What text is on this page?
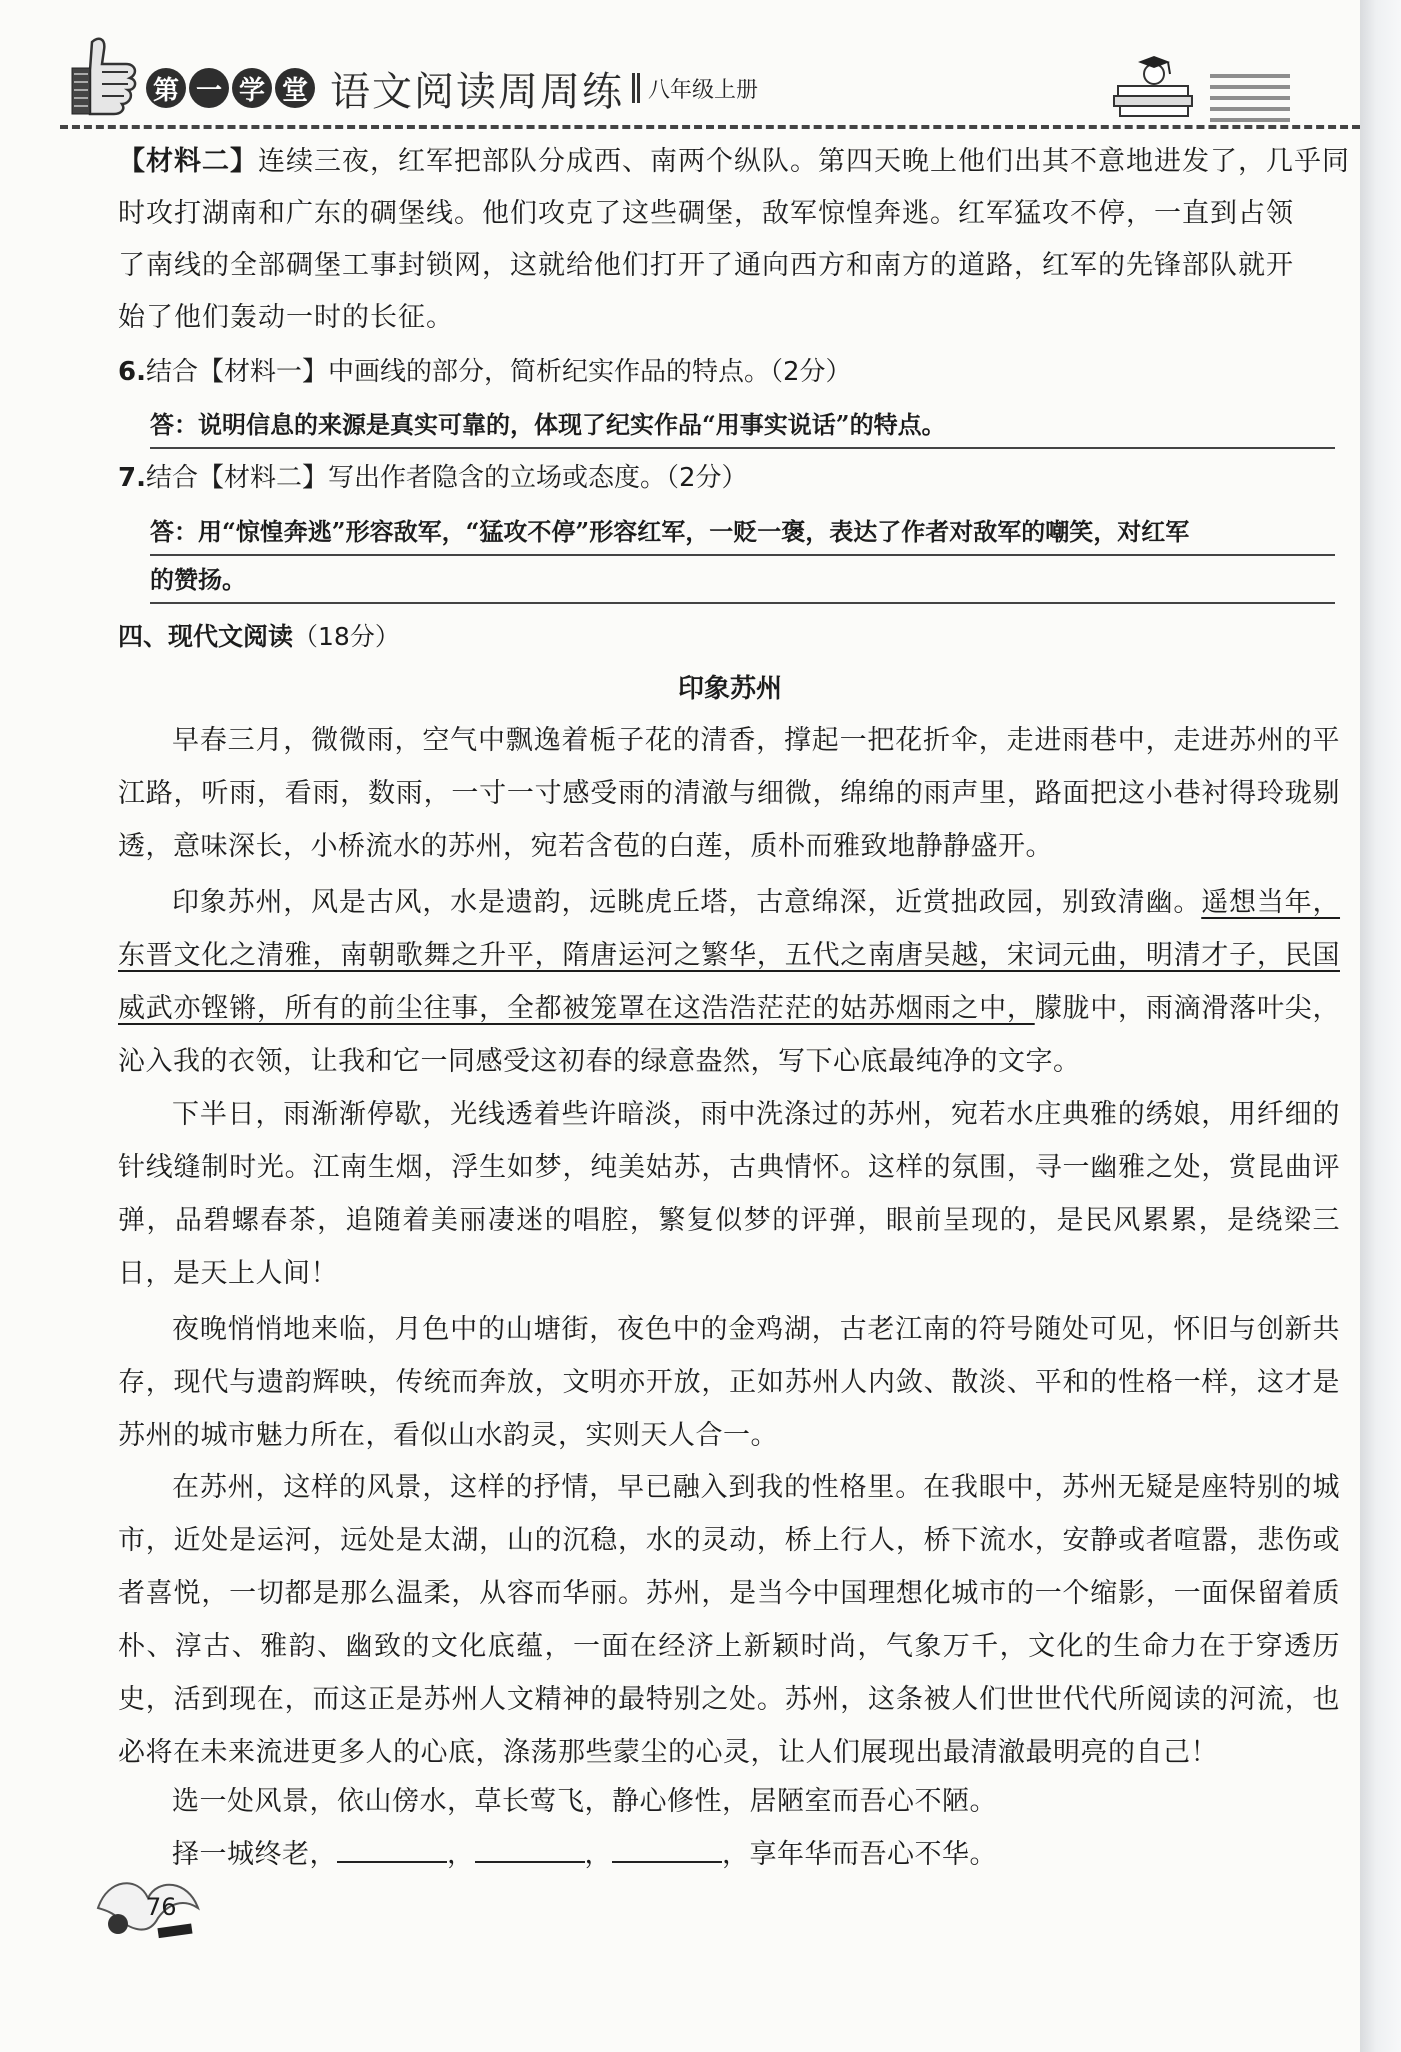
第 一 学 堂 语文阅读周周练 八年级上册
【材料二】连续三夜，红军把部队分成西、南两个纵队。第四天晚上他们出其不意地进发了，几乎同
时攻打湖南和广东的碉堡线。他们攻克了这些碉堡，敌军惊惶奔逃。红军猛攻不停，一直到占领
了南线的全部碉堡工事封锁网，这就给他们打开了通向西方和南方的道路，红军的先锋部队就开
始了他们轰动一时的长征。
6.结合【材料一】中画线的部分，简析纪实作品的特点。（2分）
答：说明信息的来源是真实可靠的，体现了纪实作品“用事实说话”的特点。
7.结合【材料二】写出作者隐含的立场或态度。（2分）
答：用“惊惶奔逃”形容敌军，“猛攻不停”形容红军，一贬一褒，表达了作者对敌军的嘲笑，对红军
的赞扬。
四、现代文阅读（18分）
印象苏州
早春三月，微微雨，空气中飘逸着栀子花的清香，撑起一把花折伞，走进雨巷中，走进苏州的平江路，听雨，看雨，数雨，一寸一寸感受雨的清澈与细微，绵绵的雨声里，路面把这小巷衬得玲珑剔透，意味深长，小桥流水的苏州，宛若含苞的白莲，质朴而雅致地静静盛开。
印象苏州，风是古风，水是遗韵，远眺虎丘塔，古意绵深，近赏拙政园，别致清幽。遥想当年，东晋文化之清雅，南朝歌舞之升平，隋唐运河之繁华，五代之南唐吴越，宋词元曲，明清才子，民国威武亦铿锵，所有的前尘往事，全都被笼罩在这浩浩茫茫的姑苏烟雨之中，朦胧中，雨滴滑落叶尖，沁入我的衣领，让我和它一同感受这初春的绿意盎然，写下心底最纯净的文字。
下半日，雨渐渐停歇，光线透着些许暗淡，雨中洗涤过的苏州，宛若水庄典雅的绣娘，用纤细的针线缝制时光。江南生烟，浮生如梦，纯美姑苏，古典情怀。这样的氛围，寻一幽雅之处，赏昆曲评弹，品碧螺春茶，追随着美丽凄迷的唱腔，繁复似梦的评弹，眼前呈现的，是民风累累，是绕梁三日，是天上人间！
夜晚悄悄地来临，月色中的山塘街，夜色中的金鸡湖，古老江南的符号随处可见，怀旧与创新共存，现代与遗韵辉映，传统而奔放，文明亦开放，正如苏州人内敛、散淡、平和的性格一样，这才是苏州的城市魅力所在，看似山水韵灵，实则天人合一。
在苏州，这样的风景，这样的抒情，早已融入到我的性格里。在我眼中，苏州无疑是座特别的城市，近处是运河，远处是太湖，山的沉稳，水的灵动，桥上行人，桥下流水，安静或者喧嚣，悲伤或者喜悦，一切都是那么温柔，从容而华丽。苏州，是当今中国理想化城市的一个缩影，一面保留着质朴、淳古、雅韵、幽致的文化底蕴，一面在经济上新颖时尚，气象万千，文化的生命力在于穿透历史，活到现在，而这正是苏州人文精神的最特别之处。苏州，这条被人们世世代代所阅读的河流，也必将在未来流进更多人的心底，涤荡那些蒙尘的心灵，让人们展现出最清澈最明亮的自己！
选一处风景，依山傍水，草长莺飞，静心修性，居陋室而吾心不陋。
择一城终老，	，	，	，享年华而吾心不华。
76
